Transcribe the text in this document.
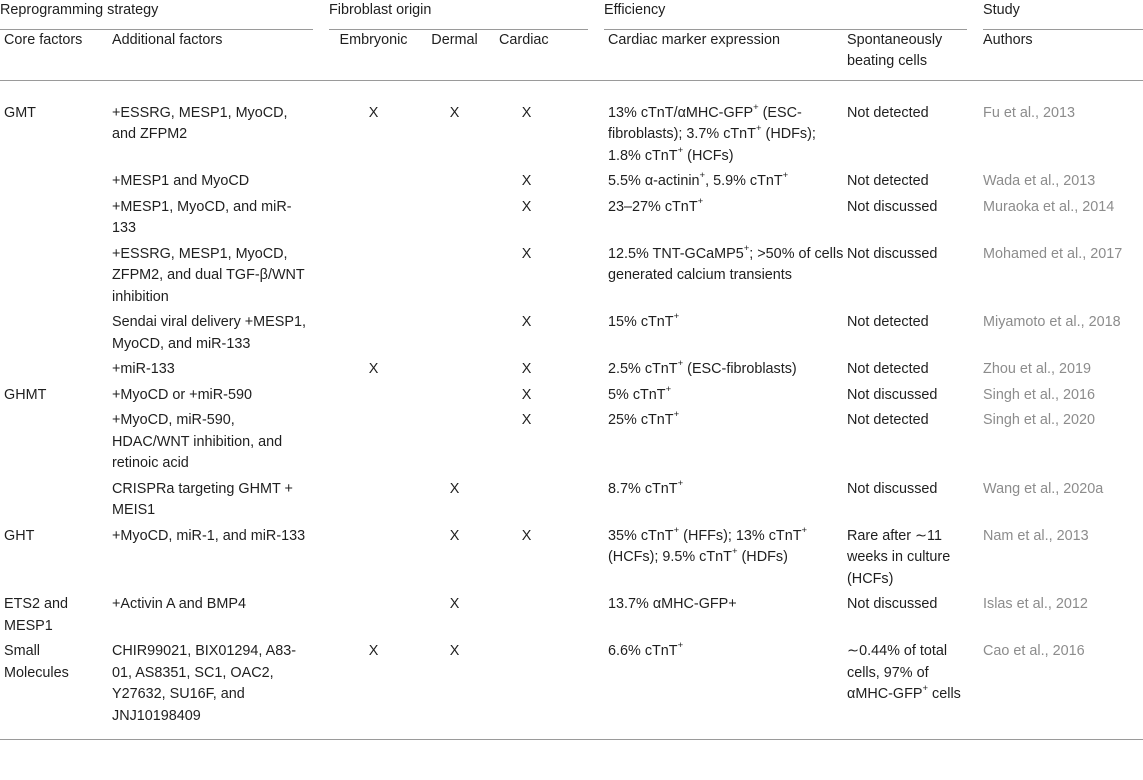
Reprogramming strategy		Fibroblast origin			Efficiency		Study

Core factors	Additional factors	Embryonic	Dermal	Cardiac	Cardiac marker expression	Spontaneously beating cells	Authors
GMT	+ESSRG, MESP1, MyoCD, and ZFPM2	X	X	X	13% cTnT/αMHC-GFP+ (ESC-fibroblasts); 3.7% cTnT+ (HDFs); 1.8% cTnT+ (HCFs)	Not detected	Fu et al., 2013
	+MESP1 and MyoCD			X	5.5% α-actinin+, 5.9% cTnT+	Not detected	Wada et al., 2013
	+MESP1, MyoCD, and miR-133			X	23–27% cTnT+	Not discussed	Muraoka et al., 2014
	+ESSRG, MESP1, MyoCD, ZFPM2, and dual TGF-β/WNT inhibition			X	12.5% TNT-GCaMP5+; >50% of cells generated calcium transients	Not discussed	Mohamed et al., 2017
	Sendai viral delivery +MESP1, MyoCD, and miR-133			X	15% cTnT+	Not detected	Miyamoto et al., 2018
	+miR-133	X		X	2.5% cTnT+ (ESC-fibroblasts)	Not detected	Zhou et al., 2019
GHMT	+MyoCD or +miR-590			X	5% cTnT+	Not discussed	Singh et al., 2016
	+MyoCD, miR-590, HDAC/WNT inhibition, and retinoic acid			X	25% cTnT+	Not detected	Singh et al., 2020
	CRISPRa targeting GHMT + MEIS1		X		8.7% cTnT+	Not discussed	Wang et al., 2020a
GHT	+MyoCD, miR-1, and miR-133		X	X	35% cTnT+ (HFFs); 13% cTnT+ (HCFs); 9.5% cTnT+ (HDFs)	Rare after ∼11 weeks in culture (HCFs)	Nam et al., 2013
ETS2 and MESP1	+Activin A and BMP4		X		13.7% αMHC-GFP+	Not discussed	Islas et al., 2012
Small Molecules	CHIR99021, BIX01294, A83-01, AS8351, SC1, OAC2, Y27632, SU16F, and JNJ10198409	X	X		6.6% cTnT+	∼0.44% of total cells, 97% of αMHC-GFP+ cells	Cao et al., 2016
